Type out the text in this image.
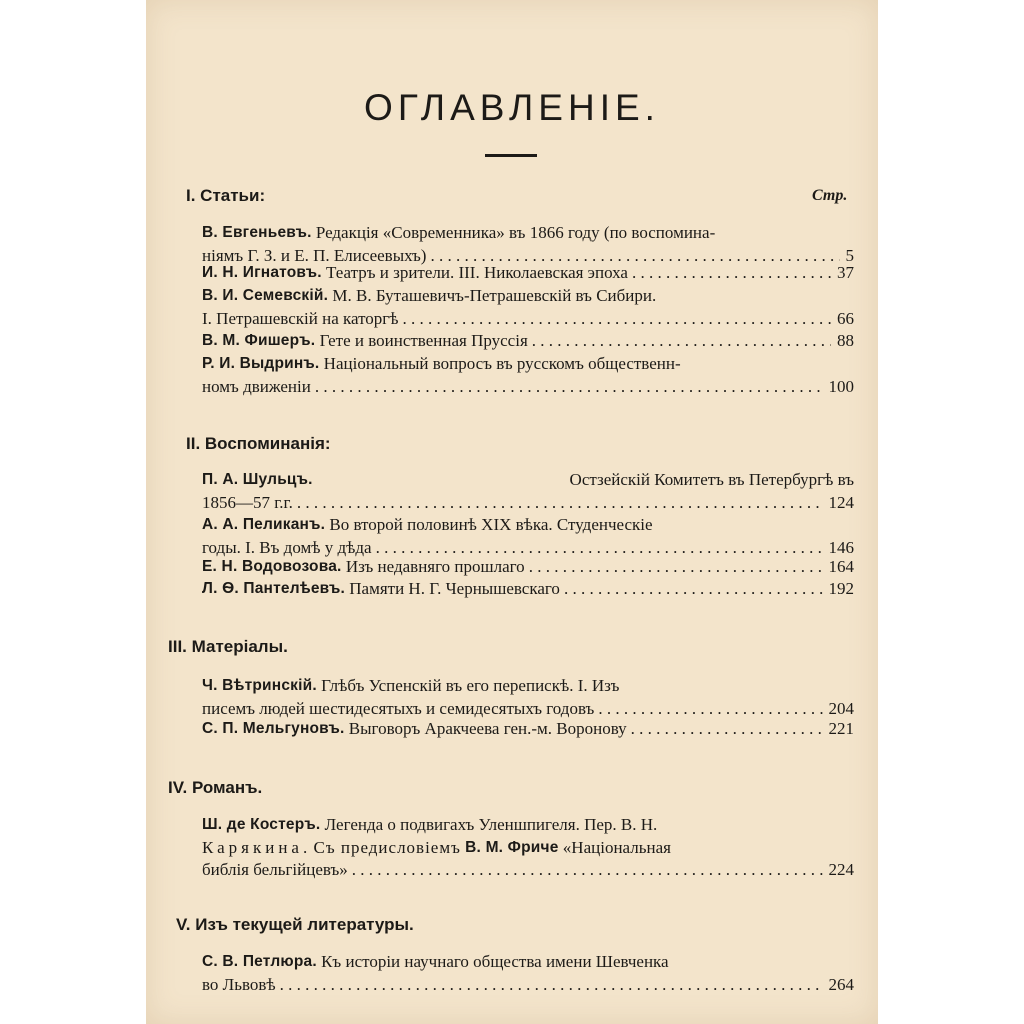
ОГЛАВЛЕНІЕ.
I. Статьи:	Стр.
В. Евгеньевъ.
Редакція «Современника» въ 1866 году (по воспомина-
ніямъ Г. З. и Е. П. Елисеевыхъ) . . .	5
И. Н. Игнатовъ.
Театръ и зрители. III. Николаевская эпоха . . .	37
В. И. Семевскій.
М. В. Буташевичъ-Петрашевскій въ Сибири.
I. Петрашевскій на каторгѣ . . .	66
В. М. Фишеръ.
Гете и воинственная Пруссія . . .	88
Р. И. Выдринъ.
Національный вопросъ въ русскомъ общественн-
номъ движеніи . . .	100
II. Воспоминанія:
П. А. Шульцъ.	Остзейскій Комитетъ въ Петербургѣ въ
1856—57 г.г. . . .	124
А. А. Пеликанъ.
Во второй половинѣ XIX вѣка. Студенческіе
годы. I. Въ домѣ у дѣда . . .	146
Е. Н. Водовозова.
Изъ недавняго прошлаго . . .	164
Л. Ѳ. Пантелѣевъ.
Памяти Н. Г. Чернышевскаго . . .	192
III. Матеріалы.
Ч. Вѣтринскій.
Глѣбъ Успенскій въ его перепискѣ. I. Изъ
писемъ людей шестидесятыхъ и семидесятыхъ годовъ . . .	204
С. П. Мельгуновъ.
Выговоръ Аракчеева ген.-м. Воронову . . .	221
IV. Романъ.
Ш. де Костеръ.
Легенда о подвигахъ Уленшпигеля. Пер. В. Н.
Карякина . Съ предисловіемъ
В. М. Фриче
«Національная
библія бельгійцевъ» . . .	224
V. Изъ текущей литературы.
С. В. Петлюра.
Къ исторіи научнаго общества имени Шевченка
во Львовѣ . . .	264
